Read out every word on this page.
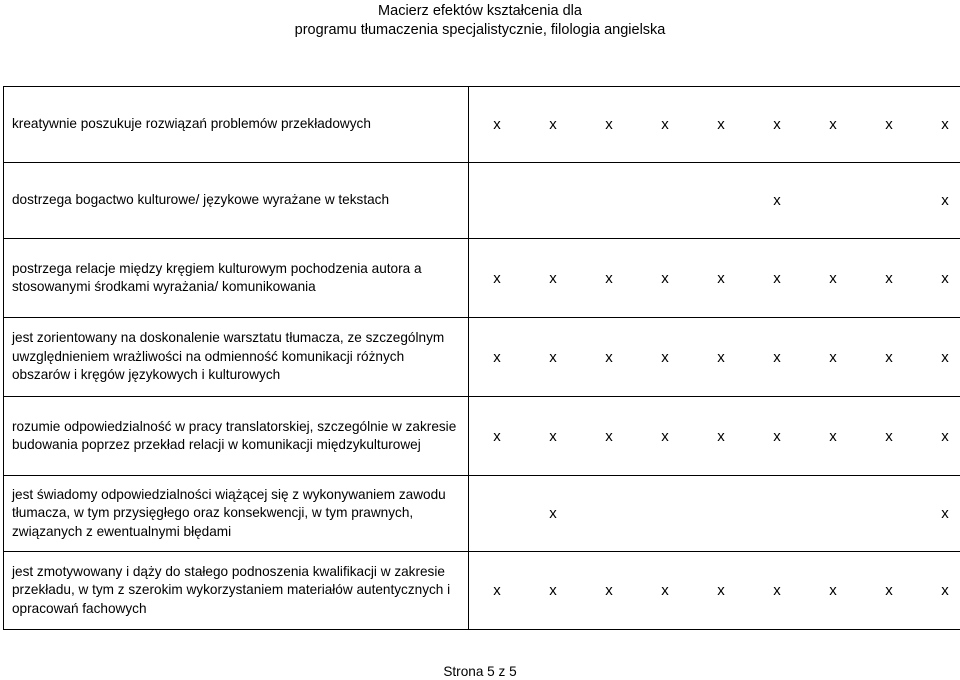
Macierz efektów kształcenia dla
programu tłumaczenia specjalistycznie, filologia angielska
kreatywnie poszukuje rozwiązań problemów przekładowych	x	x	x	x	x	x	x	x	x
dostrzega bogactwo kulturowe/ językowe wyrażane w tekstach						x			x
postrzega relacje między kręgiem kulturowym pochodzenia autora a stosowanymi środkami wyrażania/ komunikowania	x	x	x	x	x	x	x	x	x
jest zorientowany na doskonalenie warsztatu tłumacza, ze szczególnym uwzględnieniem wrażliwości na odmienność komunikacji różnych obszarów i kręgów językowych i kulturowych	x	x	x	x	x	x	x	x	x
rozumie odpowiedzialność w pracy translatorskiej, szczególnie w zakresie budowania poprzez przekład relacji w komunikacji międzykulturowej	x	x	x	x	x	x	x	x	x
jest świadomy odpowiedzialności wiążącej się z wykonywaniem zawodu tłumacza, w tym przysięgłego oraz konsekwencji, w tym prawnych, związanych z ewentualnymi błędami		x							x
jest zmotywowany i dąży do stałego podnoszenia kwalifikacji w zakresie przekładu, w tym z szerokim wykorzystaniem materiałów autentycznych i opracowań fachowych	x	x	x	x	x	x	x	x	x
Strona 5 z 5
